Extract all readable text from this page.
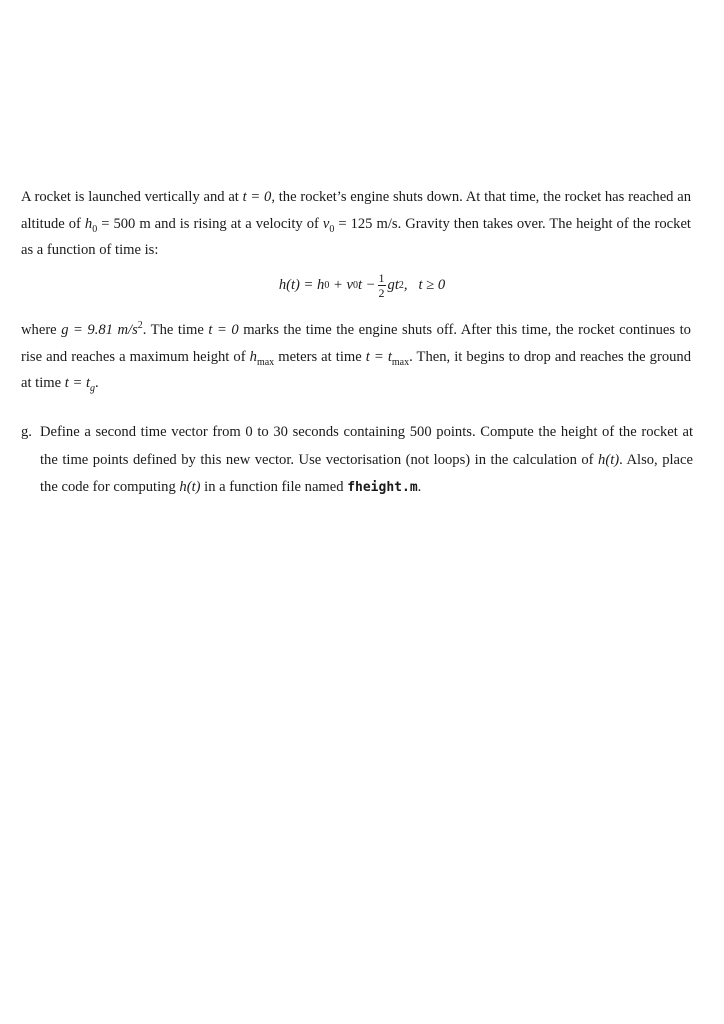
A rocket is launched vertically and at t = 0, the rocket’s engine shuts down. At that time, the rocket has reached an altitude of $h_0 = 500$ m and is rising at a velocity of $v_0 = 125$ m/s. Gravity then takes over. The height of the rocket as a function of time is:

h(t) = h 0 + v 0 $t - \frac{1}{2}$ gt 2 ,   t ≥ 0

where g = 9.81 $m/s^2$. The time t = 0 marks the time the engine shuts off. After this time, the rocket continues to rise and reaches a maximum height of $h_{max}$ meters at time $t = t_{max}$. Then, it begins to drop and reaches the ground at time $t = t_g$.

g. Define a second time vector from 0 to 30 seconds containing 500 points. Compute the height of the rocket at the time points defined by this new vector. Use vectorisation (not loops) in the calculation of h(t). Also, place the code for computing h(t) in a function file named fheight.m.
